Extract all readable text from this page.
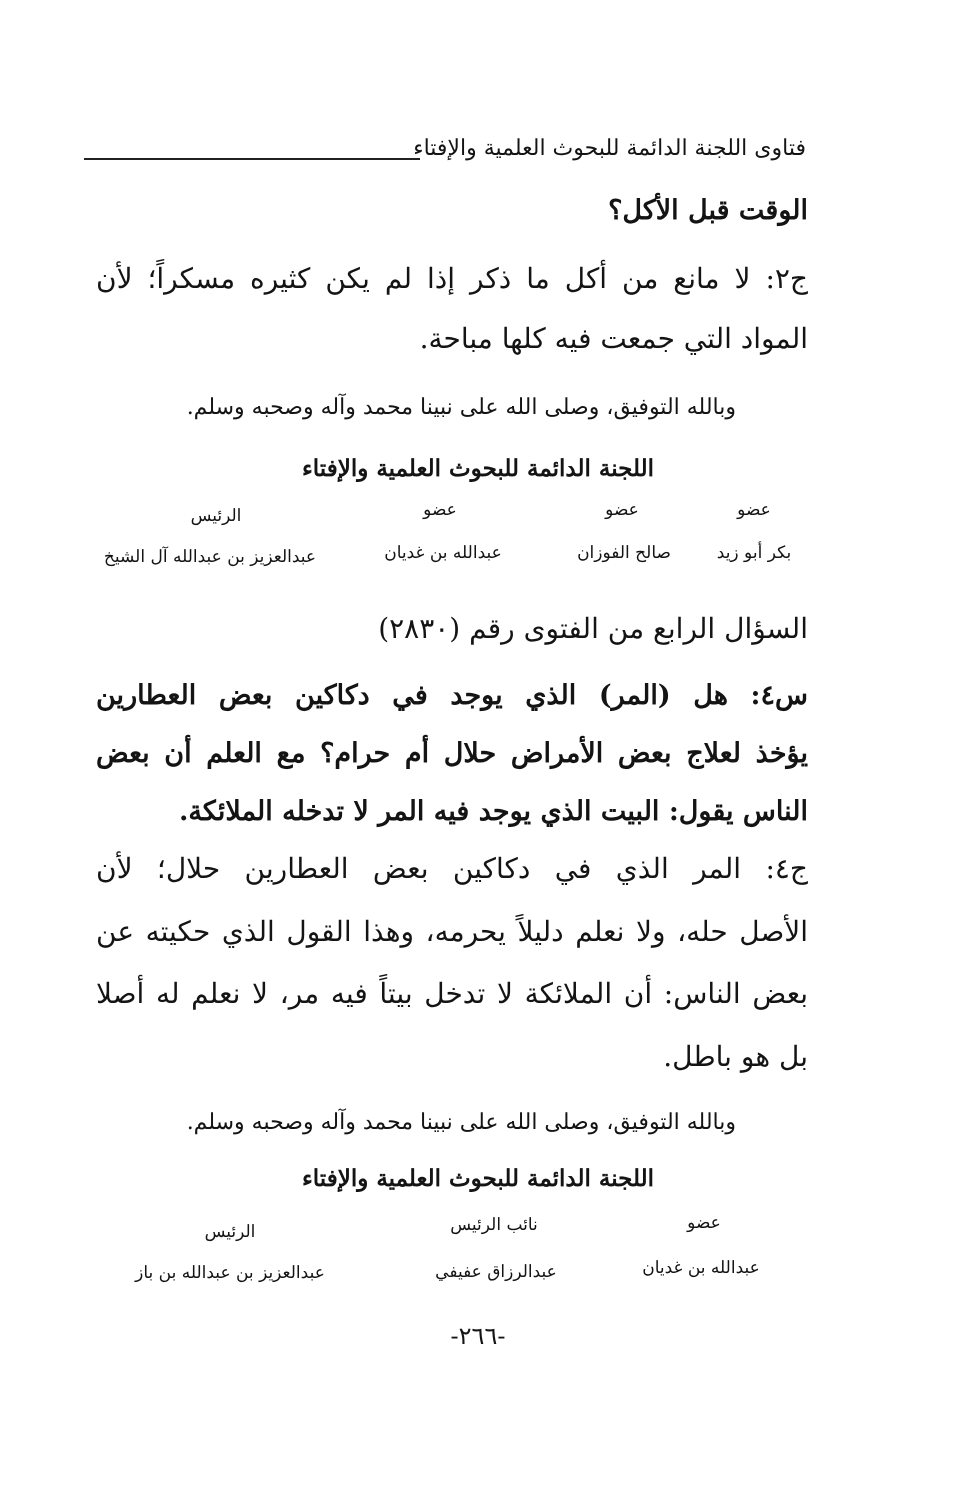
فتاوى اللجنة الدائمة للبحوث العلمية والإفتاء
الوقت قبل الأكل؟
ج٢: لا مانع من أكل ما ذكر إذا لم يكن كثيره مسكراً؛ لأن
المواد التي جمعت فيه كلها مباحة.
وبالله التوفيق، وصلى الله على نبينا محمد وآله وصحبه وسلم.
اللجنة الدائمة للبحوث العلمية والإفتاء
عضو
بكر أبو زيد
عضو
صالح الفوزان
عضو
عبدالله بن غديان
الرئيس
عبدالعزيز بن عبدالله آل الشيخ
السؤال الرابع من الفتوى رقم (٢٨٣٠)
س٤: هل (المر) الذي يوجد في دكاكين بعض العطارين
يؤخذ لعلاج بعض الأمراض حلال أم حرام؟ مع العلم أن بعض
الناس يقول: البيت الذي يوجد فيه المر لا تدخله الملائكة.
ج٤: المر الذي في دكاكين بعض العطارين حلال؛ لأن
الأصل حله، ولا نعلم دليلاً يحرمه، وهذا القول الذي حكيته عن
بعض الناس: أن الملائكة لا تدخل بيتاً فيه مر، لا نعلم له أصلا
بل هو باطل.
وبالله التوفيق، وصلى الله على نبينا محمد وآله وصحبه وسلم.
اللجنة الدائمة للبحوث العلمية والإفتاء
عضو
عبدالله بن غديان
نائب الرئيس
عبدالرزاق عفيفي
الرئيس
عبدالعزيز بن عبدالله بن باز
-٢٦٦-
